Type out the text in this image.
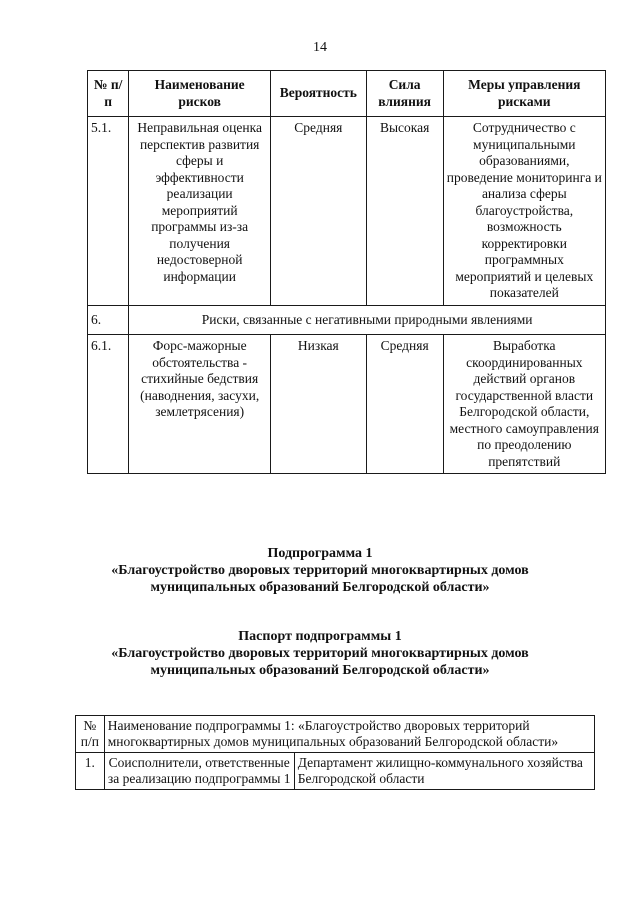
14
№ п/п	Наименование рисков	Вероятность	Сила влияния	Меры управления рисками
5.1.	Неправильная оценка перспектив развития сферы и эффективности реализации мероприятий программы из-за получения недостоверной информации	Средняя	Высокая	Сотрудничество с муниципальными образованиями, проведение мониторинга и анализа сферы благоустройства, возможность корректировки программных мероприятий и целевых показателей
6.	Риски, связанные с негативными природными явлениями			
6.1.	Форс-мажорные обстоятельства - стихийные бедствия (наводнения, засухи, землетрясения)	Низкая	Средняя	Выработка скоординированных действий органов государственной власти Белгородской области, местного самоуправления по преодолению препятствий
Подпрограмма 1
«Благоустройство дворовых территорий многоквартирных домов
муниципальных образований Белгородской области»
Паспорт подпрограммы 1
«Благоустройство дворовых территорий многоквартирных домов
муниципальных образований Белгородской области»
№ п/п	Наименование подпрограммы 1: «Благоустройство дворовых территорий многоквартирных домов муниципальных образований Белгородской области»	
1.	Соисполнители, ответственные за реализацию подпрограммы 1	Департамент жилищно-коммунального хозяйства Белгородской области
